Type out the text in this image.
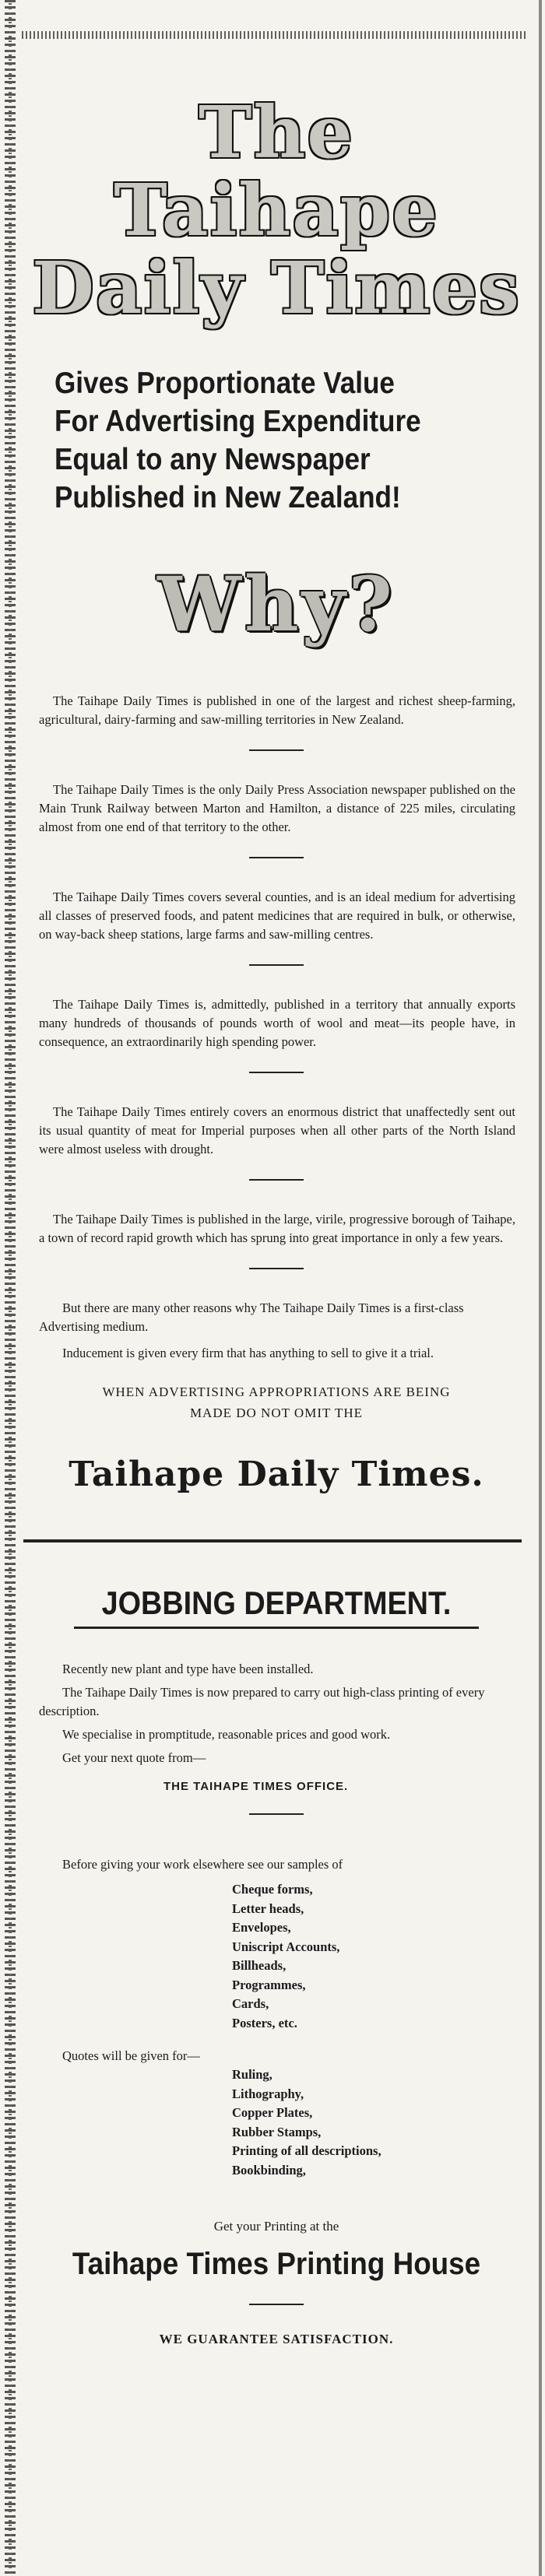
The Taihape
Daily Times
Gives Proportionate Value
For Advertising Expenditure
Equal to any Newspaper
Published in New Zealand!
Why?

The Taihape Daily Times is published in one of the largest and richest sheep-farming, agricultural, dairy-farming and saw-milling territories in New Zealand.

The Taihape Daily Times is the only Daily Press Association newspaper published on the Main Trunk Railway between Marton and Hamilton, a distance of 225 miles, circulating almost from one end of that territory to the other.

The Taihape Daily Times covers several counties, and is an ideal medium for advertising all classes of preserved foods, and patent medicines that are required in bulk, or otherwise, on way-back sheep stations, large farms and saw-milling centres.

The Taihape Daily Times is, admittedly, published in a territory that annually exports many hundreds of thousands of pounds worth of wool and meat—its people have, in consequence, an extraordinarily high spending power.

The Taihape Daily Times entirely covers an enormous district that unaffectedly sent out its usual quantity of meat for Imperial purposes when all other parts of the North Island were almost useless with drought.

The Taihape Daily Times is published in the large, virile, progressive borough of Taihape, a town of record rapid growth which has sprung into great importance in only a few years.

But there are many other reasons why The Taihape Daily Times is a first-class Advertising medium.

Inducement is given every firm that has anything to sell to give it a trial.

WHEN ADVERTISING APPROPRIATIONS ARE BEING
MADE DO NOT OMIT THE
Taihape Daily Times.
JOBBING DEPARTMENT.

Recently new plant and type have been installed.

The Taihape Daily Times is now prepared to carry out high-class printing of every description.

We specialise in promptitude, reasonable prices and good work.

Get your next quote from—

THE TAIHAPE TIMES OFFICE.
Before giving your work elsewhere see our samples of
Cheque forms,
Letter heads,
Envelopes,
Uniscript Accounts,
Billheads,
Programmes,
Cards,
Posters, etc.
Quotes will be given for—
Ruling,
Lithography,
Copper Plates,
Rubber Stamps,
Printing of all descriptions,
Bookbinding,
Get your Printing at the
Taihape Times Printing House
WE GUARANTEE SATISFACTION.
